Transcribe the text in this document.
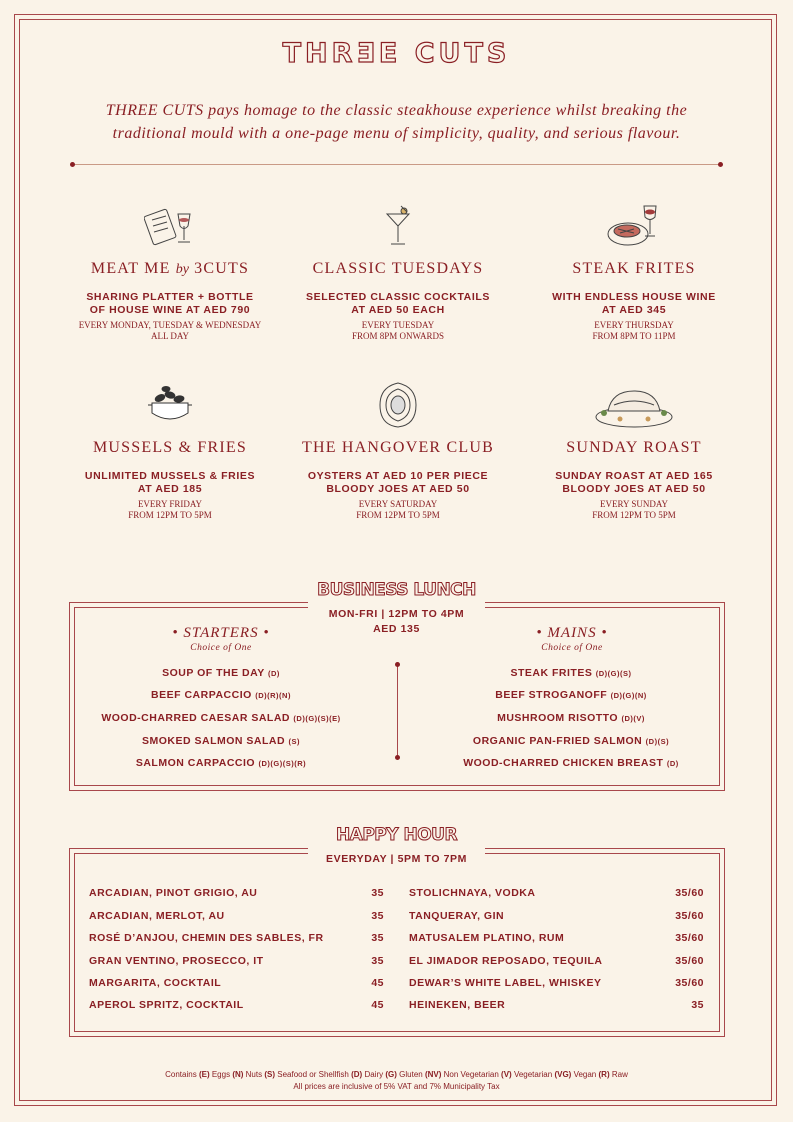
THRƎE CUTS
THREE CUTS pays homage to the classic steakhouse experience whilst breaking the traditional mould with a one-page menu of simplicity, quality, and serious flavour.
MEAT ME by 3CUTS
SHARING PLATTER + BOTTLE
OF HOUSE WINE AT AED 790
EVERY MONDAY, TUESDAY & WEDNESDAY
ALL DAY
CLASSIC TUESDAYS
SELECTED CLASSIC COCKTAILS
AT AED 50 EACH
EVERY TUESDAY
FROM 8PM ONWARDS
STEAK FRITES
WITH ENDLESS HOUSE WINE
AT AED 345
EVERY THURSDAY
FROM 8PM TO 11PM
MUSSELS & FRIES
UNLIMITED MUSSELS & FRIES
AT AED 185
EVERY FRIDAY
FROM 12PM TO 5PM
THE HANGOVER CLUB
OYSTERS AT AED 10 PER PIECE
BLOODY JOES AT AED 50
EVERY SATURDAY
FROM 12PM TO 5PM
SUNDAY ROAST
SUNDAY ROAST AT AED 165
BLOODY JOES AT AED 50
EVERY SUNDAY
FROM 12PM TO 5PM
BUSINESS LUNCH
MON-FRI | 12PM TO 4PM
AED 135
• STARTERS •
Choice of One
• MAINS •
Choice of One
SOUP OF THE DAY (D)
BEEF CARPACCIO (D)(R)(N)
WOOD-CHARRED CAESAR SALAD (D)(G)(S)(E)
SMOKED SALMON SALAD (S)
SALMON CARPACCIO (D)(G)(S)(R)
STEAK FRITES (D)(G)(S)
BEEF STROGANOFF (D)(G)(N)
MUSHROOM RISOTTO (D)(V)
ORGANIC PAN-FRIED SALMON (D)(S)
WOOD-CHARRED CHICKEN BREAST (D)
HAPPY HOUR
EVERYDAY | 5PM TO 7PM
ARCADIAN, PINOT GRIGIO, AU	35
ARCADIAN, MERLOT, AU	35
ROSÉ D’ANJOU, CHEMIN DES SABLES, FR	35
GRAN VENTINO, PROSECCO, IT	35
MARGARITA, COCKTAIL	45
APEROL SPRITZ, COCKTAIL	45
STOLICHNAYA, VODKA	35/60
TANQUERAY, GIN	35/60
MATUSALEM PLATINO, RUM	35/60
EL JIMADOR REPOSADO, TEQUILA	35/60
DEWAR’S WHITE LABEL, WHISKEY	35/60
HEINEKEN, BEER	35
Contains (E) Eggs (N) Nuts (S) Seafood or Shellfish (D) Dairy (G) Gluten (NV) Non Vegetarian (V) Vegetarian (VG) Vegan (R) Raw
All prices are inclusive of 5% VAT and 7% Municipality Tax
